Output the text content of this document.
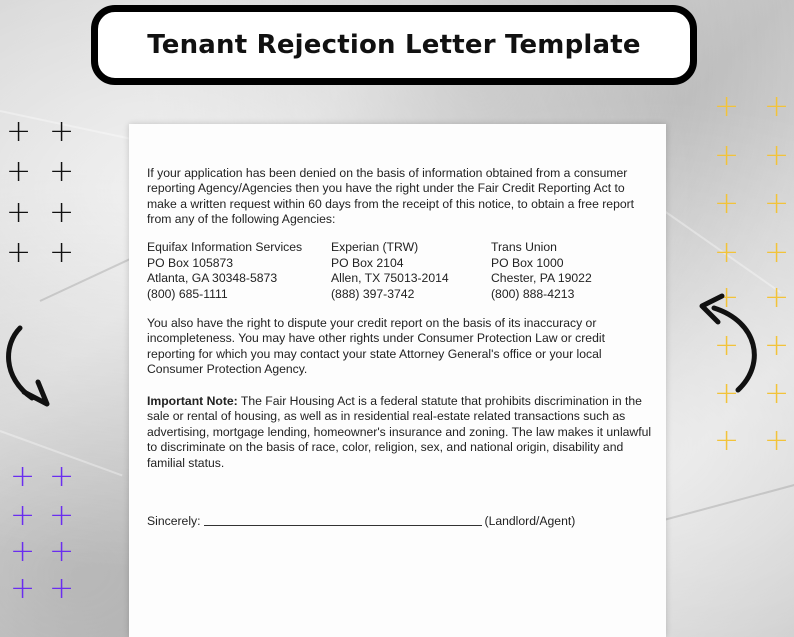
Tenant Rejection Letter Template

If your application has been denied on the basis of information obtained from a consumer reporting Agency/Agencies then you have the right under the Fair Credit Reporting Act to make a written request within 60 days from the receipt of this notice, to obtain a free report from any of the following Agencies:

Equifax Information Services
PO Box 105873
Atlanta, GA 30348-5873
(800) 685-1111
Experian (TRW)
PO Box 2104
Allen, TX 75013-2014
(888) 397-3742
Trans Union
PO Box 1000
Chester, PA 19022
(800) 888-4213

You also have the right to dispute your credit report on the basis of its inaccuracy or incompleteness. You may have other rights under Consumer Protection Law or credit reporting for which you may contact your state Attorney General's office or your local Consumer Protection Agency.

Important Note: The Fair Housing Act is a federal statute that prohibits discrimination in the sale or rental of housing, as well as in residential real-estate related transactions such as advertising, mortgage lending, homeowner's insurance and zoning. The law makes it unlawful to discriminate on the basis of race, color, religion, sex, and national origin, disability and familial status.

Sincerely:	(Landlord/Agent)
+ +
+ +
+ +
+ +
+ +
+ +
+ +
+ +
+ +
+ +
+ +
+ +
+ +
+ +
+ +
+ +
